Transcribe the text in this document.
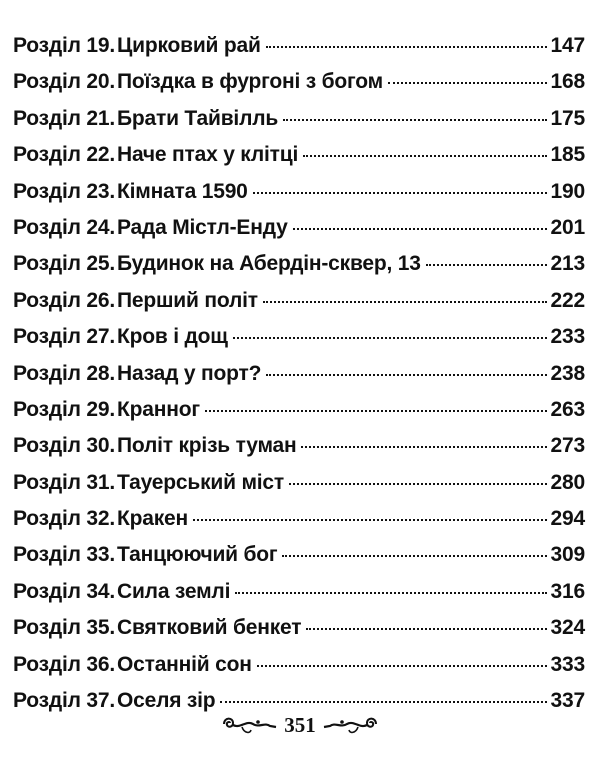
Розділ 19. Цирковий рай	147
Розділ 20. Поїздка в фургоні з богом	168
Розділ 21. Брати Тайвілль	175
Розділ 22. Наче птах у клітці	185
Розділ 23. Кімната 1590	190
Розділ 24. Рада Містл-Енду	201
Розділ 25. Будинок на Абердін-сквер, 13	213
Розділ 26. Перший політ	222
Розділ 27. Кров і дощ	233
Розділ 28. Назад у порт?	238
Розділ 29. Кранног	263
Розділ 30. Політ крізь туман	273
Розділ 31. Тауерський міст	280
Розділ 32. Кракен	294
Розділ 33. Танцюючий бог	309
Розділ 34. Сила землі	316
Розділ 35. Святковий бенкет	324
Розділ 36. Останній сон	333
Розділ 37. Оселя зір	337
351
